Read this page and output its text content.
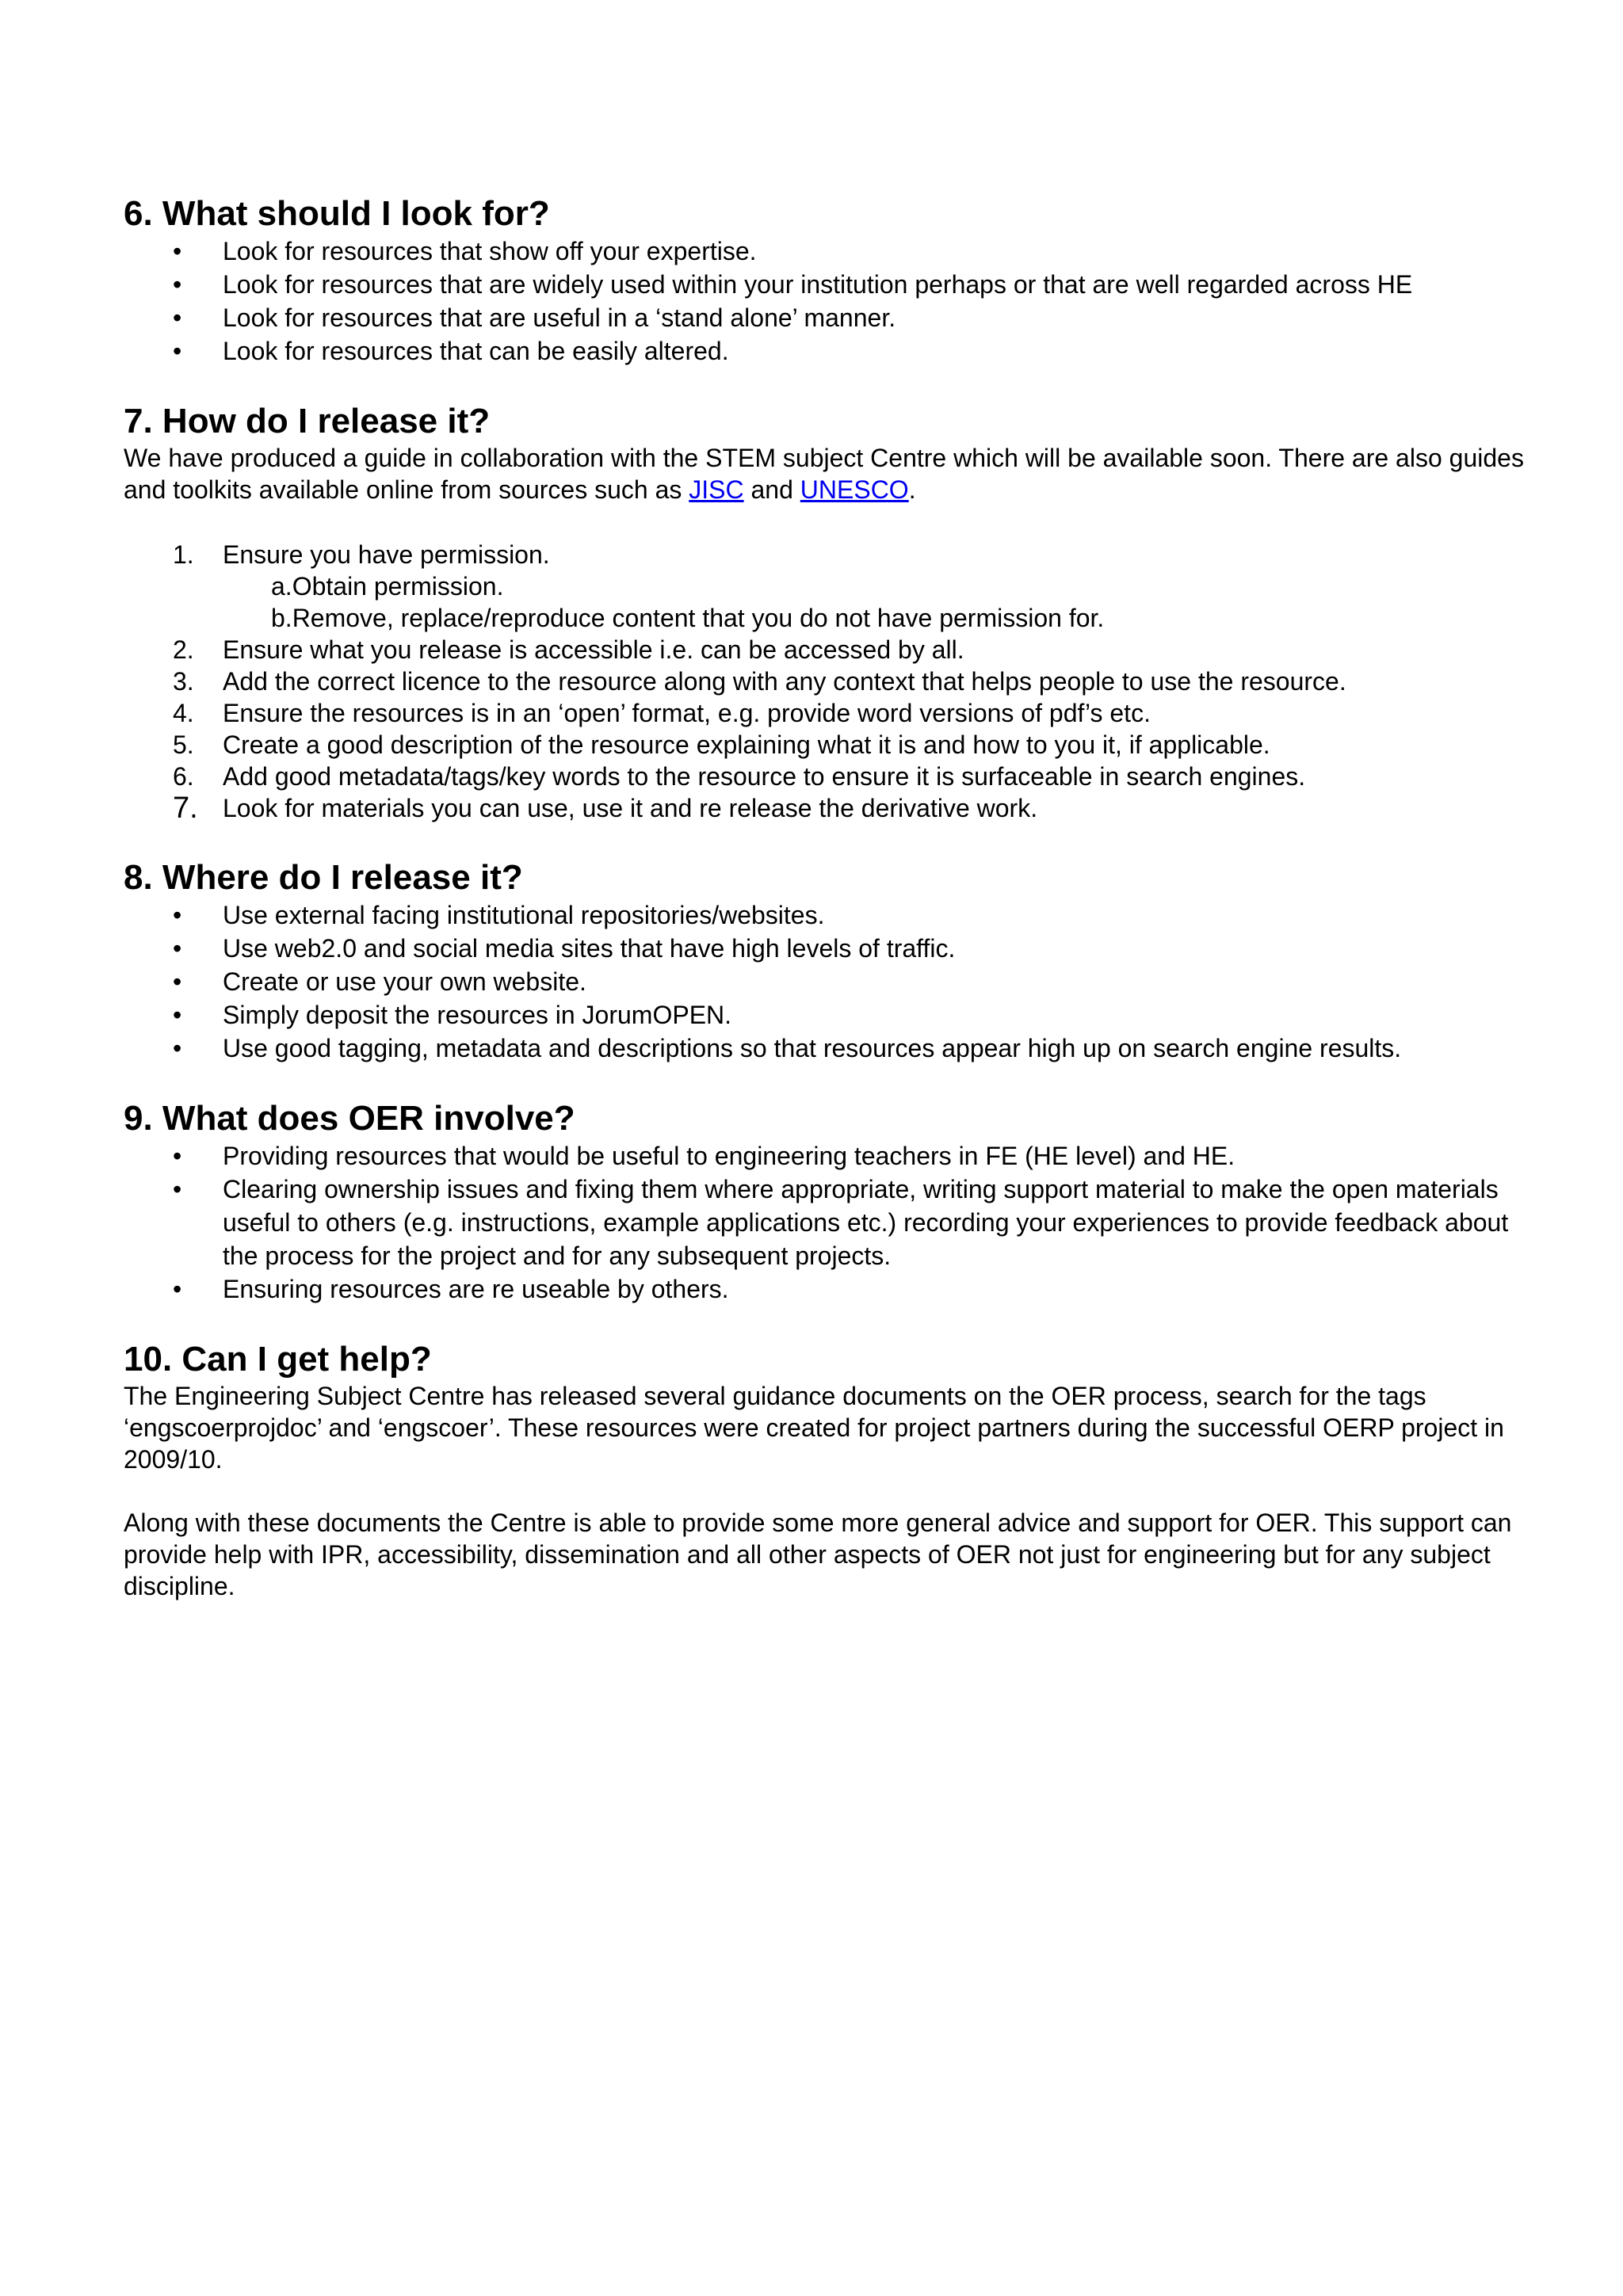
6. What should I look for?
• Look for resources that show off your expertise.
• Look for resources that are widely used within your institution perhaps or that are well regarded across HE
• Look for resources that are useful in a ‘stand alone’ manner.
• Look for resources that can be easily altered.
7. How do I release it?

We have produced a guide in collaboration with the STEM subject Centre which will be available soon. There are also guides and toolkits available online from sources such as JISC and UNESCO.

1.	Ensure you have permission.
a.Obtain permission.
b.Remove, replace/reproduce content that you do not have permission for.
2.	Ensure what you release is accessible i.e. can be accessed by all.
3.	Add the correct licence to the resource along with any context that helps people to use the resource.
4.	Ensure the resources is in an ‘open’ format, e.g. provide word versions of pdf’s etc.
5.	Create a good description of the resource explaining what it is and how to you it, if applicable.
6.	Add good metadata/tags/key words to the resource to ensure it is surfaceable in search engines.
7. Look for materials you can use, use it and re release the derivative work.
8. Where do I release it?
• Use external facing institutional repositories/websites.
• Use web2.0 and social media sites that have high levels of traffic.
• Create or use your own website.
• Simply deposit the resources in JorumOPEN.
• Use good tagging, metadata and descriptions so that resources appear high up on search engine results.
9. What does OER involve?
• Providing resources that would be useful to engineering teachers in FE (HE level) and HE.
• Clearing ownership issues and fixing them where appropriate, writing support material to make the open materials useful to others (e.g. instructions, example applications etc.) recording your experiences to provide feedback about the process for the project and for any subsequent projects.
• Ensuring resources are re useable by others.
10. Can I get help?

The Engineering Subject Centre has released several guidance documents on the OER process, search for the tags ‘engscoerprojdoc’ and ‘engscoer’. These resources were created for project partners during the successful OERP project in 2009/10.

Along with these documents the Centre is able to provide some more general advice and support for OER. This support can provide help with IPR, accessibility, dissemination and all other aspects of OER not just for engineering but for any subject discipline.
